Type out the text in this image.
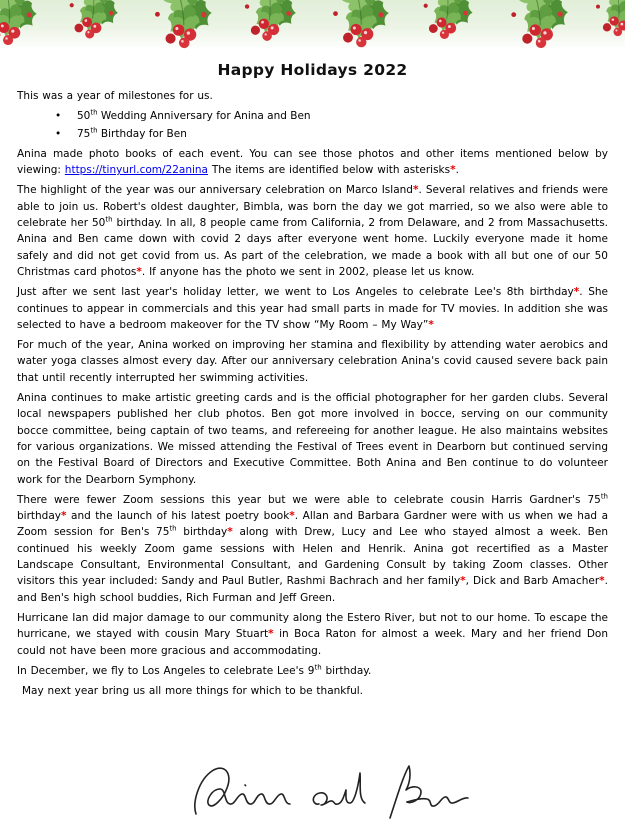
Happy Holidays 2022
This was a year of milestones for us.
•	50th Wedding Anniversary for Anina and Ben
•	75th Birthday for Ben
Anina made photo books of each event. You can see those photos and other items mentioned below by viewing: https://tinyurl.com/22anina The items are identified below with asterisks*.
The highlight of the year was our anniversary celebration on Marco Island*. Several relatives and friends were able to join us. Robert's oldest daughter, Bimbla, was born the day we got married, so we also were able to celebrate her 50th birthday. In all, 8 people came from California, 2 from Delaware, and 2 from Massachusetts. Anina and Ben came down with covid 2 days after everyone went home. Luckily everyone made it home safely and did not get covid from us. As part of the celebration, we made a book with all but one of our 50 Christmas card photos*. If anyone has the photo we sent in 2002, please let us know.
Just after we sent last year's holiday letter, we went to Los Angeles to celebrate Lee's 8th birthday*. She continues to appear in commercials and this year had small parts in made for TV movies. In addition she was selected to have a bedroom makeover for the TV show “My Room – My Way”*
For much of the year, Anina worked on improving her stamina and flexibility by attending water aerobics and water yoga classes almost every day. After our anniversary celebration Anina's covid caused severe back pain that until recently interrupted her swimming activities.
Anina continues to make artistic greeting cards and is the official photographer for her garden clubs. Several local newspapers published her club photos. Ben got more involved in bocce, serving on our community bocce committee, being captain of two teams, and refereeing for another league. He also maintains websites for various organizations. We missed attending the Festival of Trees event in Dearborn but continued serving on the Festival Board of Directors and Executive Committee. Both Anina and Ben continue to do volunteer work for the Dearborn Symphony.
There were fewer Zoom sessions this year but we were able to celebrate cousin Harris Gardner's 75th birthday* and the launch of his latest poetry book*. Allan and Barbara Gardner were with us when we had a Zoom session for Ben's 75th birthday* along with Drew, Lucy and Lee who stayed almost a week. Ben continued his weekly Zoom game sessions with Helen and Henrik. Anina got recertified as a Master Landscape Consultant, Environmental Consultant, and Gardening Consult by taking Zoom classes. Other visitors this year included: Sandy and Paul Butler, Rashmi Bachrach and her family*, Dick and Barb Amacher*. and Ben's high school buddies, Rich Furman and Jeff Green.
Hurricane Ian did major damage to our community along the Estero River, but not to our home. To escape the hurricane, we stayed with cousin Mary Stuart* in Boca Raton for almost a week. Mary and her friend Don could not have been more gracious and accommodating.
In December, we fly to Los Angeles to celebrate Lee's 9th birthday.
May next year bring us all more things for which to be thankful.
